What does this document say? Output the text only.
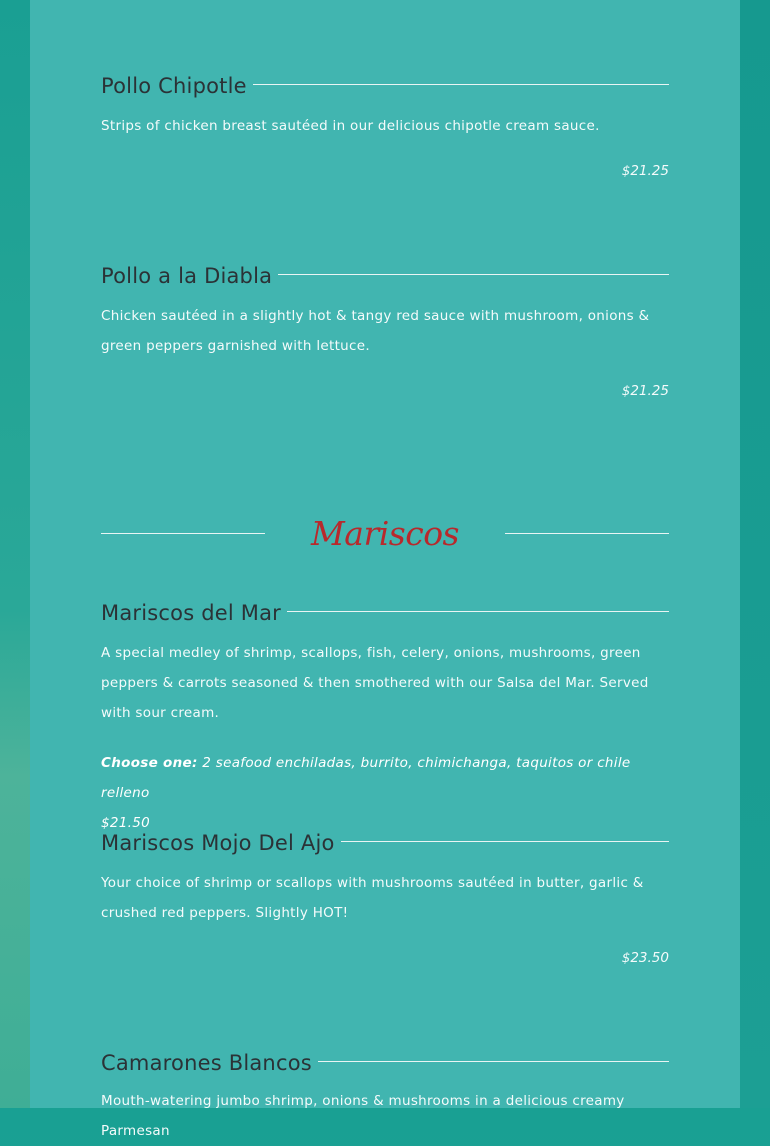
Pollo Chipotle
Strips of chicken breast sautéed in our delicious chipotle cream sauce.
$21.25
Pollo a la Diabla
Chicken sautéed in a slightly hot & tangy red sauce with mushroom, onions & green peppers garnished with lettuce.
$21.25
Mariscos
Mariscos del Mar
A special medley of shrimp, scallops, fish, celery, onions, mushrooms, green peppers & carrots seasoned & then smothered with our Salsa del Mar. Served with sour cream.
Choose one: 2 seafood enchiladas, burrito, chimichanga, taquitos or chile relleno
$21.50
Mariscos Mojo Del Ajo
Your choice of shrimp or scallops with mushrooms sautéed in butter, garlic & crushed red peppers. Slightly HOT!
$23.50
Camarones Blancos
Mouth-watering jumbo shrimp, onions & mushrooms in a delicious creamy Parmesan
